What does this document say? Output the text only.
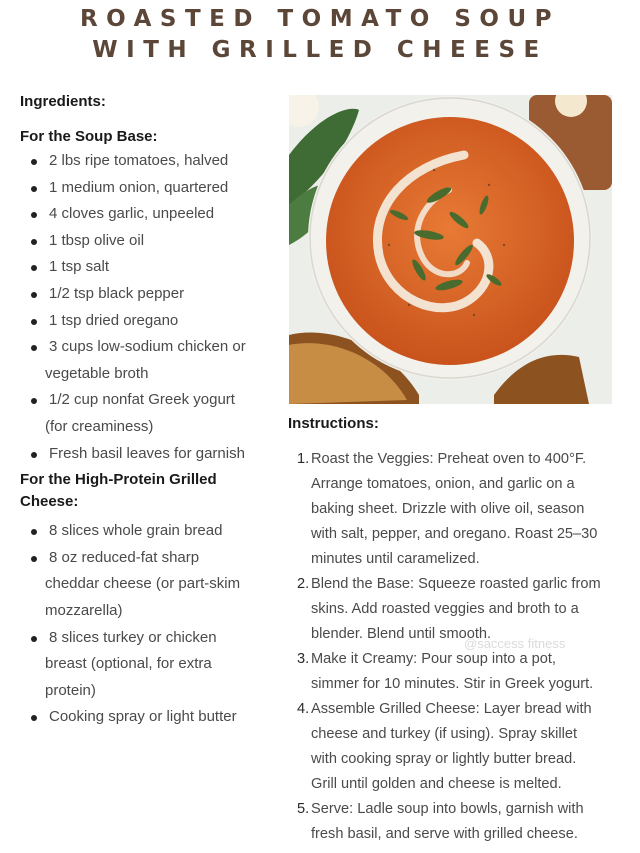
ROASTED TOMATO SOUP
WITH GRILLED CHEESE
Ingredients:
For the Soup Base:
2 lbs ripe tomatoes, halved
1 medium onion, quartered
4 cloves garlic, unpeeled
1 tbsp olive oil
1 tsp salt
1/2 tsp black pepper
1 tsp dried oregano
3 cups low-sodium chicken or
vegetable broth
1/2 cup nonfat Greek yogurt
(for creaminess)
Fresh basil leaves for garnish
For the High-Protein Grilled
Cheese:
8 slices whole grain bread
8 oz reduced-fat sharp
cheddar cheese (or part-skim
mozzarella)
8 slices turkey or chicken
breast (optional, for extra
protein)
Cooking spray or light butter
Instructions:
1. Roast the Veggies: Preheat oven to 400°F.
Arrange tomatoes, onion, and garlic on a
baking sheet. Drizzle with olive oil, season
with salt, pepper, and oregano. Roast 25–30
minutes until caramelized.
2. Blend the Base: Squeeze roasted garlic from
skins. Add roasted veggies and broth to a
blender. Blend until smooth.
3. Make it Creamy: Pour soup into a pot,
simmer for 10 minutes. Stir in Greek yogurt.
4. Assemble Grilled Cheese: Layer bread with
cheese and turkey (if using). Spray skillet
with cooking spray or lightly butter bread.
Grill until golden and cheese is melted.
5. Serve: Ladle soup into bowls, garnish with
fresh basil, and serve with grilled cheese.
@saccess fitness
